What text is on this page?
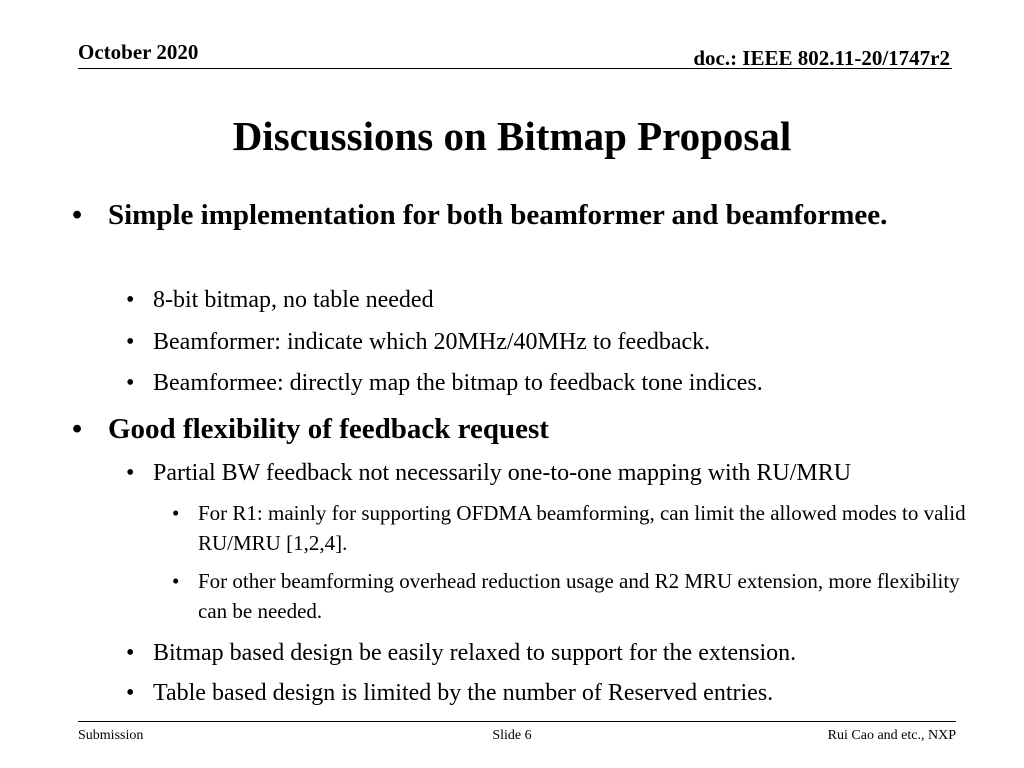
October 2020	doc.: IEEE 802.11-20/1747r2
Discussions on Bitmap Proposal
• Simple implementation for both beamformer and beamformee.
• 8-bit bitmap, no table needed
• Beamformer: indicate which 20MHz/40MHz to feedback.
• Beamformee: directly map the bitmap to feedback tone indices.
• Good flexibility of feedback request
• Partial BW feedback not necessarily one-to-one mapping with RU/MRU
• For R1: mainly for supporting OFDMA beamforming, can limit the allowed modes to valid RU/MRU [1,2,4].
• For other beamforming overhead reduction usage and R2 MRU extension, more flexibility can be needed.
• Bitmap based design be easily relaxed to support for the extension.
• Table based design is limited by the number of Reserved entries.
Submission	Slide 6	Rui Cao and etc., NXP
